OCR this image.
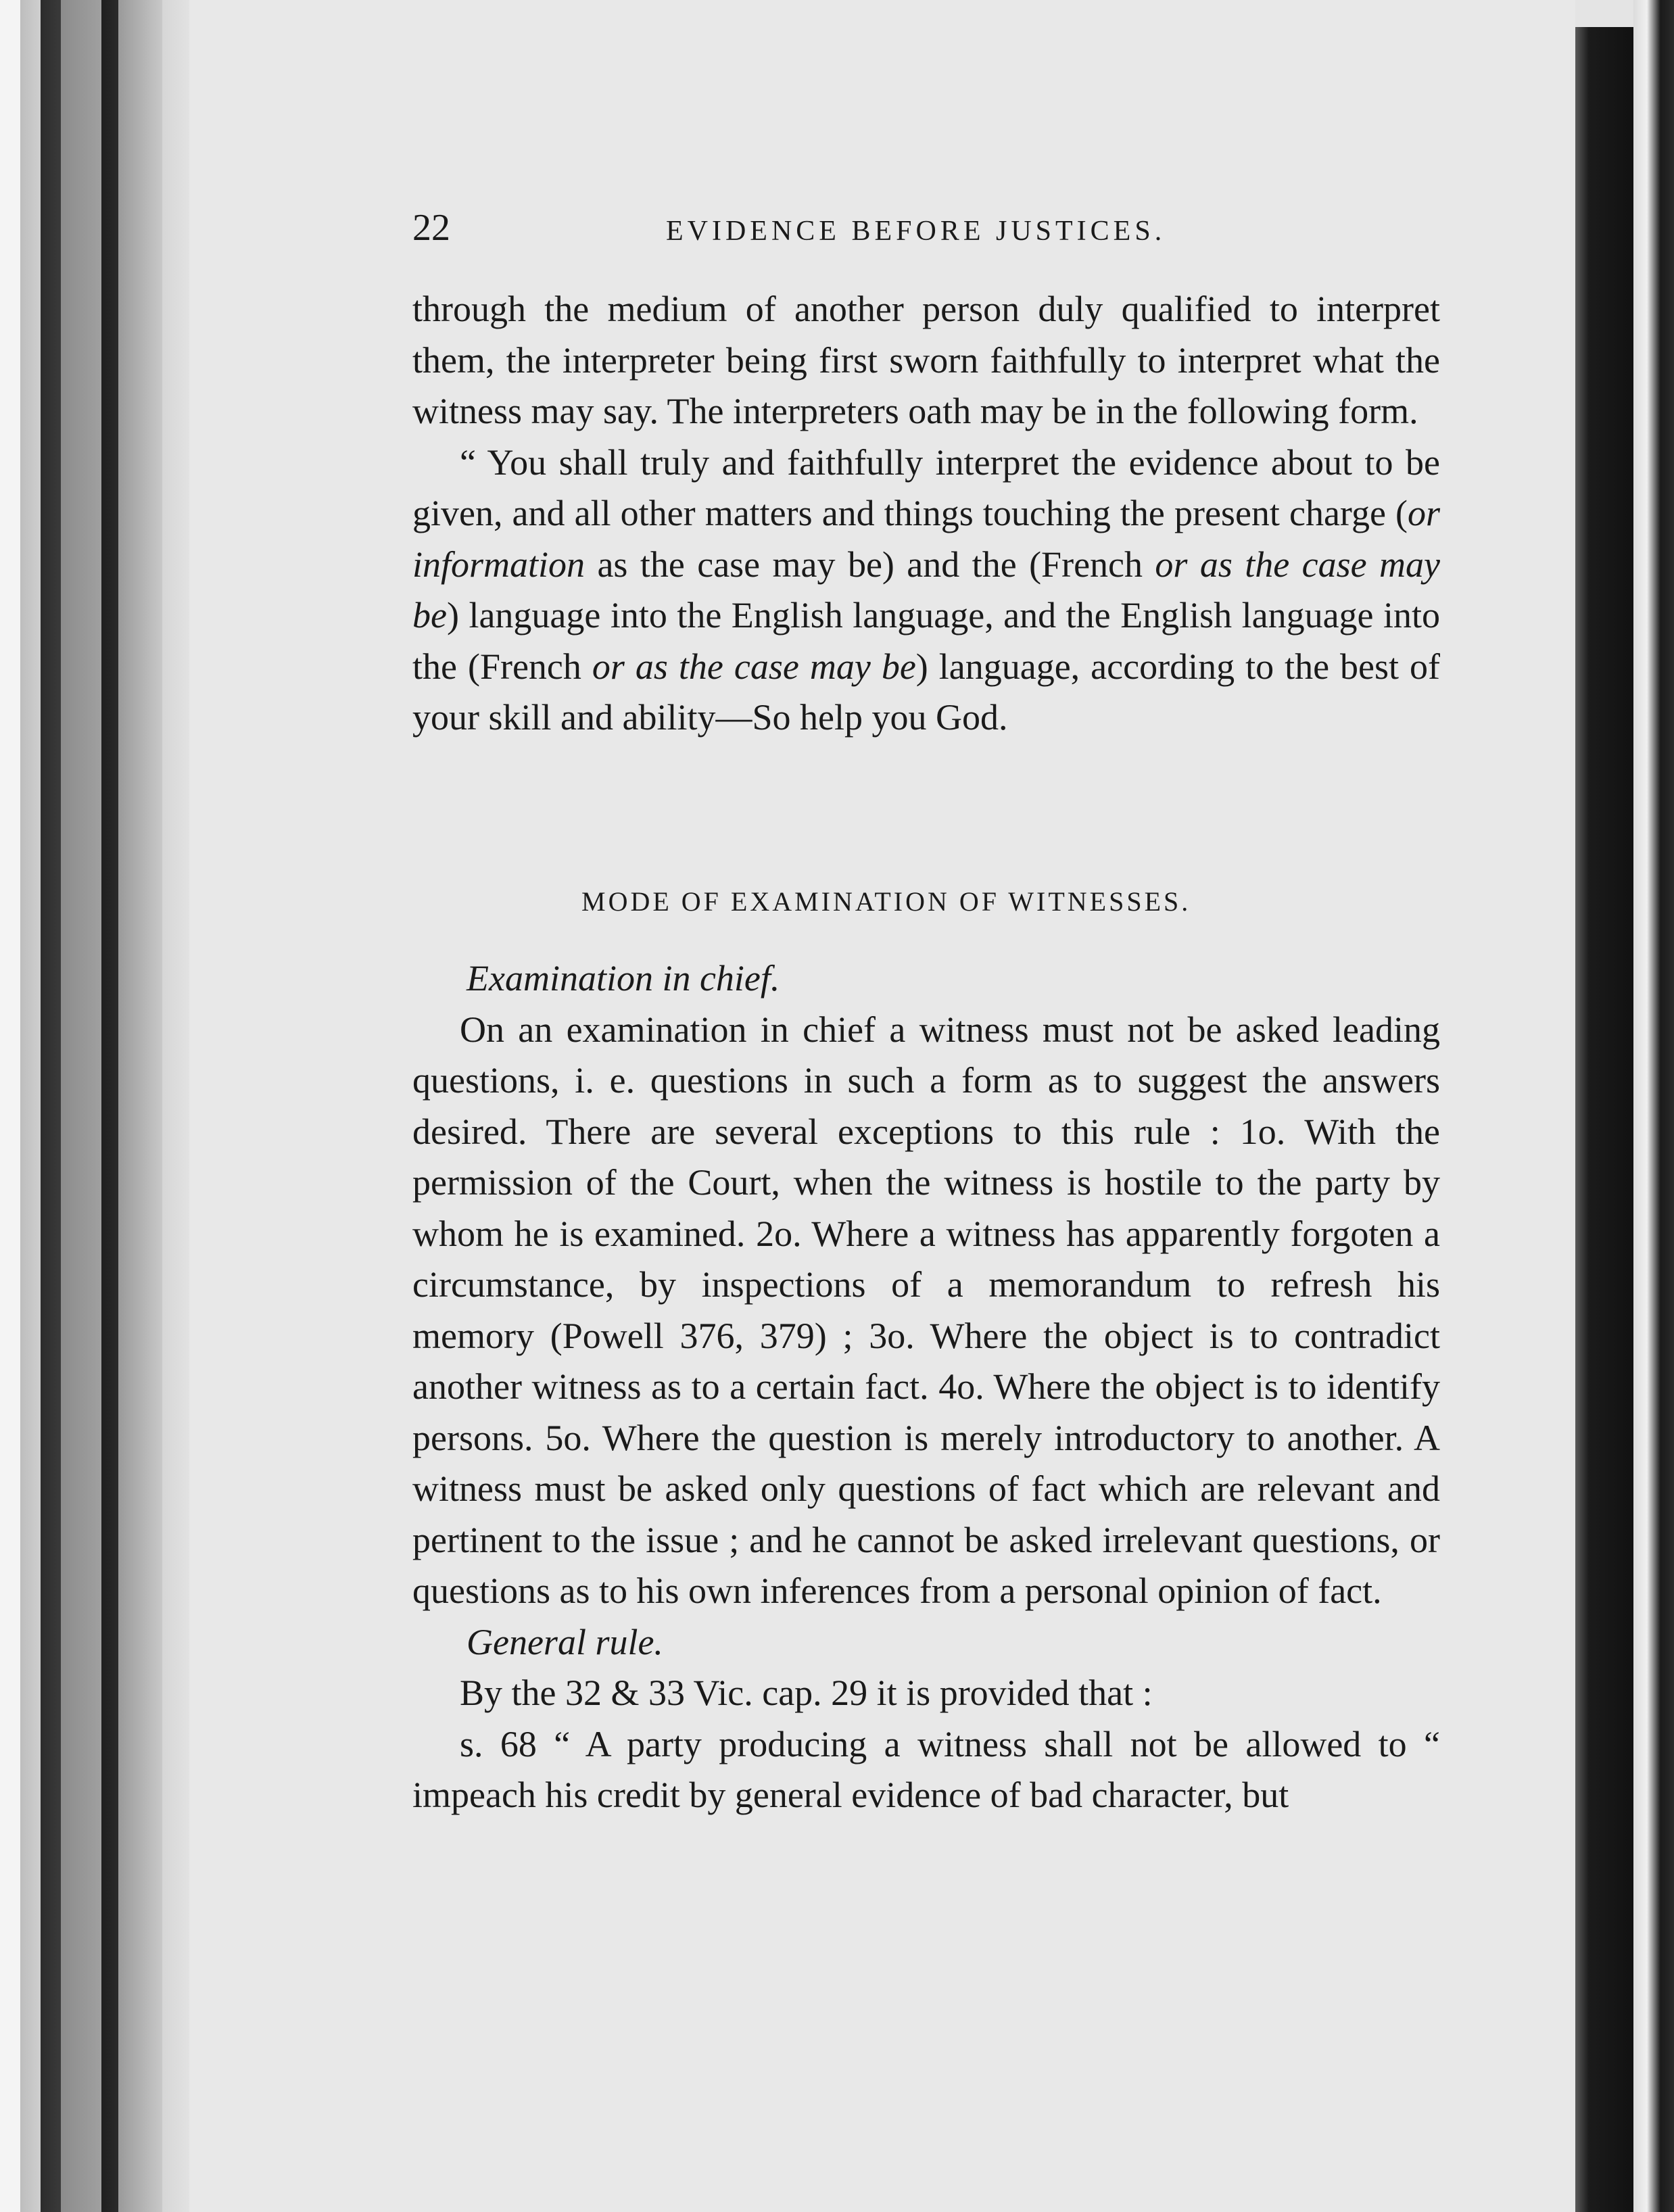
22	EVIDENCE BEFORE JUSTICES.

through the medium of another person duly qualified to interpret them, the interpreter being first sworn faithfully to interpret what the witness may say. The interpreters oath may be in the following form.

“ You shall truly and faithfully interpret the evidence about to be given, and all other matters and things touching the present charge (or information as the case may be) and the (French or as the case may be) language into the English language, and the English language into the (French or as the case may be) language, according to the best of your skill and ability—So help you God.

MODE OF EXAMINATION OF WITNESSES.

Examination in chief.

On an examination in chief a witness must not be asked leading questions, i. e. questions in such a form as to suggest the answers desired. There are several exceptions to this rule : 1o. With the permission of the Court, when the witness is hostile to the party by whom he is examined. 2o. Where a witness has apparently forgoten a circumstance, by inspections of a memorandum to refresh his memory (Powell 376, 379) ; 3o. Where the object is to contradict another witness as to a certain fact. 4o. Where the object is to identify persons. 5o. Where the question is merely introductory to another. A witness must be asked only questions of fact which are relevant and pertinent to the issue ; and he cannot be asked irrelevant questions, or questions as to his own inferences from a personal opinion of fact.

General rule.

By the 32 & 33 Vic. cap. 29 it is provided that :

s. 68 “ A party producing a witness shall not be allowed to “ impeach his credit by general evidence of bad character, but
